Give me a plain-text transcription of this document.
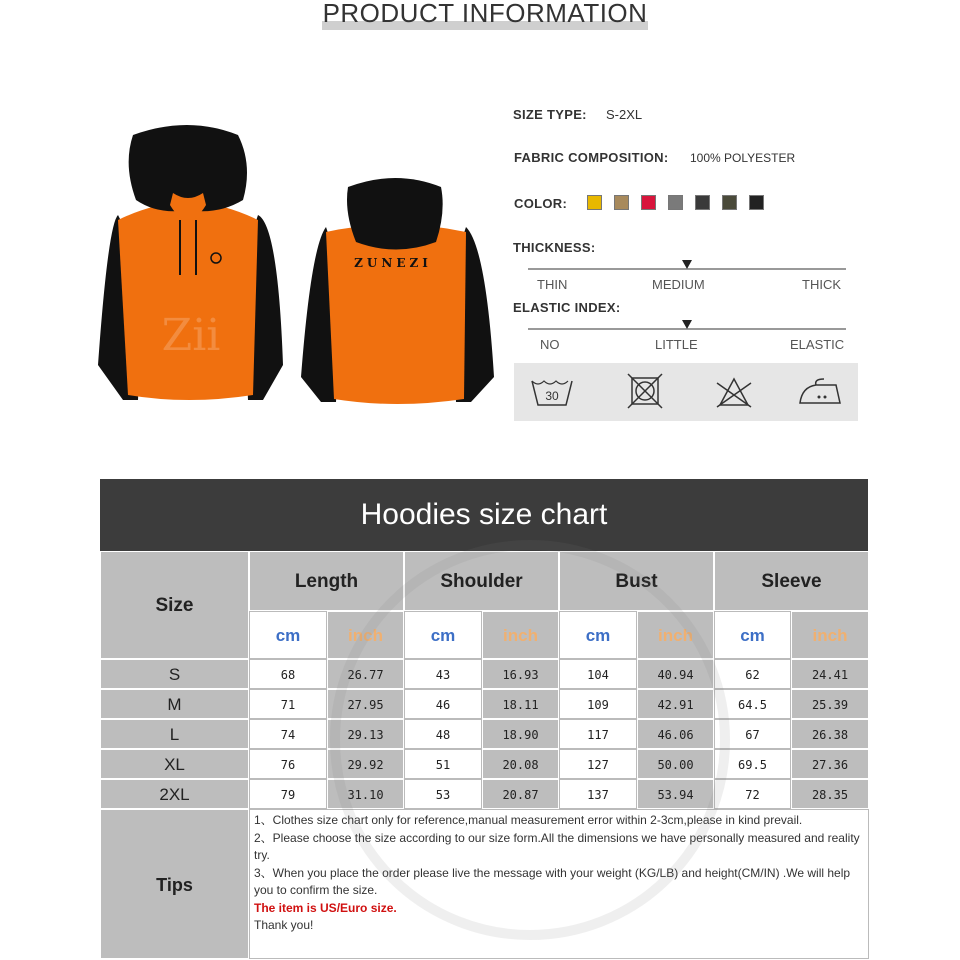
PRODUCT INFORMATION
Zii
ZUNEZI
SIZE TYPE: S-2XL
FABRIC COMPOSITION: 100% POLYESTER
COLOR:
THICKNESS:
THIN	MEDIUM	THICK
ELASTIC INDEX:
NO	LITTLE	ELASTIC
30
Hoodies size chart
Size
Length
cm	inch
Shoulder
cm	inch
Bust
cm	inch
Sleeve
cm	inch
S	68	26.77	43	16.93	104	40.94	62	24.41
M	71	27.95	46	18.11	109	42.91	64.5	25.39
L	74	29.13	48	18.90	117	46.06	67	26.38
XL	76	29.92	51	20.08	127	50.00	69.5	27.36
2XL	79	31.10	53	20.87	137	53.94	72	28.35
Tips

1、Clothes size chart only for reference,manual measurement error within 2-3cm,please in kind prevail.

2、Please choose the size according to our size form.All the dimensions we have personally measured and reality try.

3、When you place the order please live the message with your weight (KG/LB) and height(CM/IN) .We will help you to confirm the size.

The item is US/Euro size.

Thank you!
